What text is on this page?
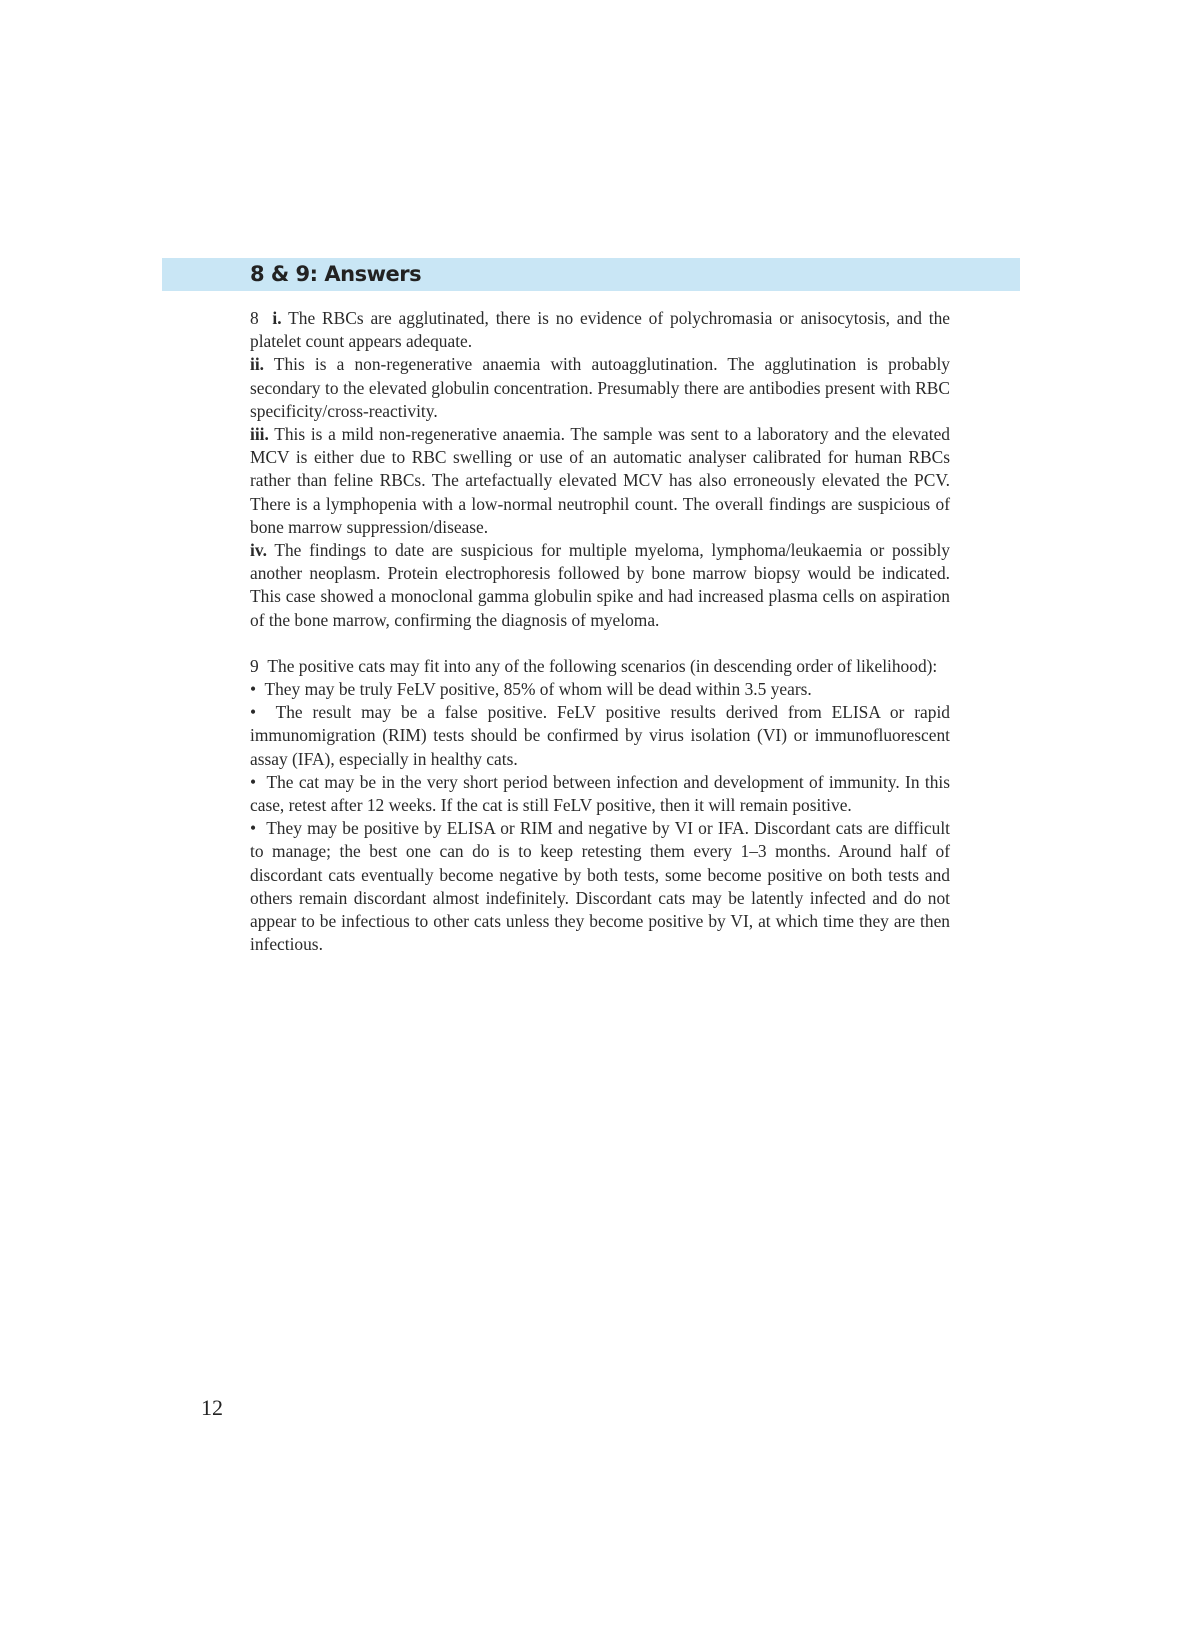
8 & 9: Answers

8 i. The RBCs are agglutinated, there is no evidence of polychromasia or anisocytosis, and the platelet count appears adequate.

ii. This is a non-regenerative anaemia with autoagglutination. The agglutination is probably secondary to the elevated globulin concentration. Presumably there are antibodies present with RBC specificity/cross-reactivity.

iii. This is a mild non-regenerative anaemia. The sample was sent to a laboratory and the elevated MCV is either due to RBC swelling or use of an automatic analyser calibrated for human RBCs rather than feline RBCs. The artefactually elevated MCV has also erroneously elevated the PCV. There is a lymphopenia with a low-normal neutrophil count. The overall findings are suspicious of bone marrow suppression/disease.

iv. The findings to date are suspicious for multiple myeloma, lymphoma/leukaemia or possibly another neoplasm. Protein electrophoresis followed by bone marrow biopsy would be indicated. This case showed a monoclonal gamma globulin spike and had increased plasma cells on aspiration of the bone marrow, confirming the diagnosis of myeloma.

9 The positive cats may fit into any of the following scenarios (in descending order of likelihood):

• They may be truly FeLV positive, 85% of whom will be dead within 3.5 years.

• The result may be a false positive. FeLV positive results derived from ELISA or rapid immunomigration (RIM) tests should be confirmed by virus isolation (VI) or immunofluorescent assay (IFA), especially in healthy cats.

• The cat may be in the very short period between infection and development of immunity. In this case, retest after 12 weeks. If the cat is still FeLV positive, then it will remain positive.

• They may be positive by ELISA or RIM and negative by VI or IFA. Discordant cats are difficult to manage; the best one can do is to keep retesting them every 1–3 months. Around half of discordant cats eventually become negative by both tests, some become positive on both tests and others remain discordant almost indefinitely. Discordant cats may be latently infected and do not appear to be infectious to other cats unless they become positive by VI, at which time they are then infectious.

12
